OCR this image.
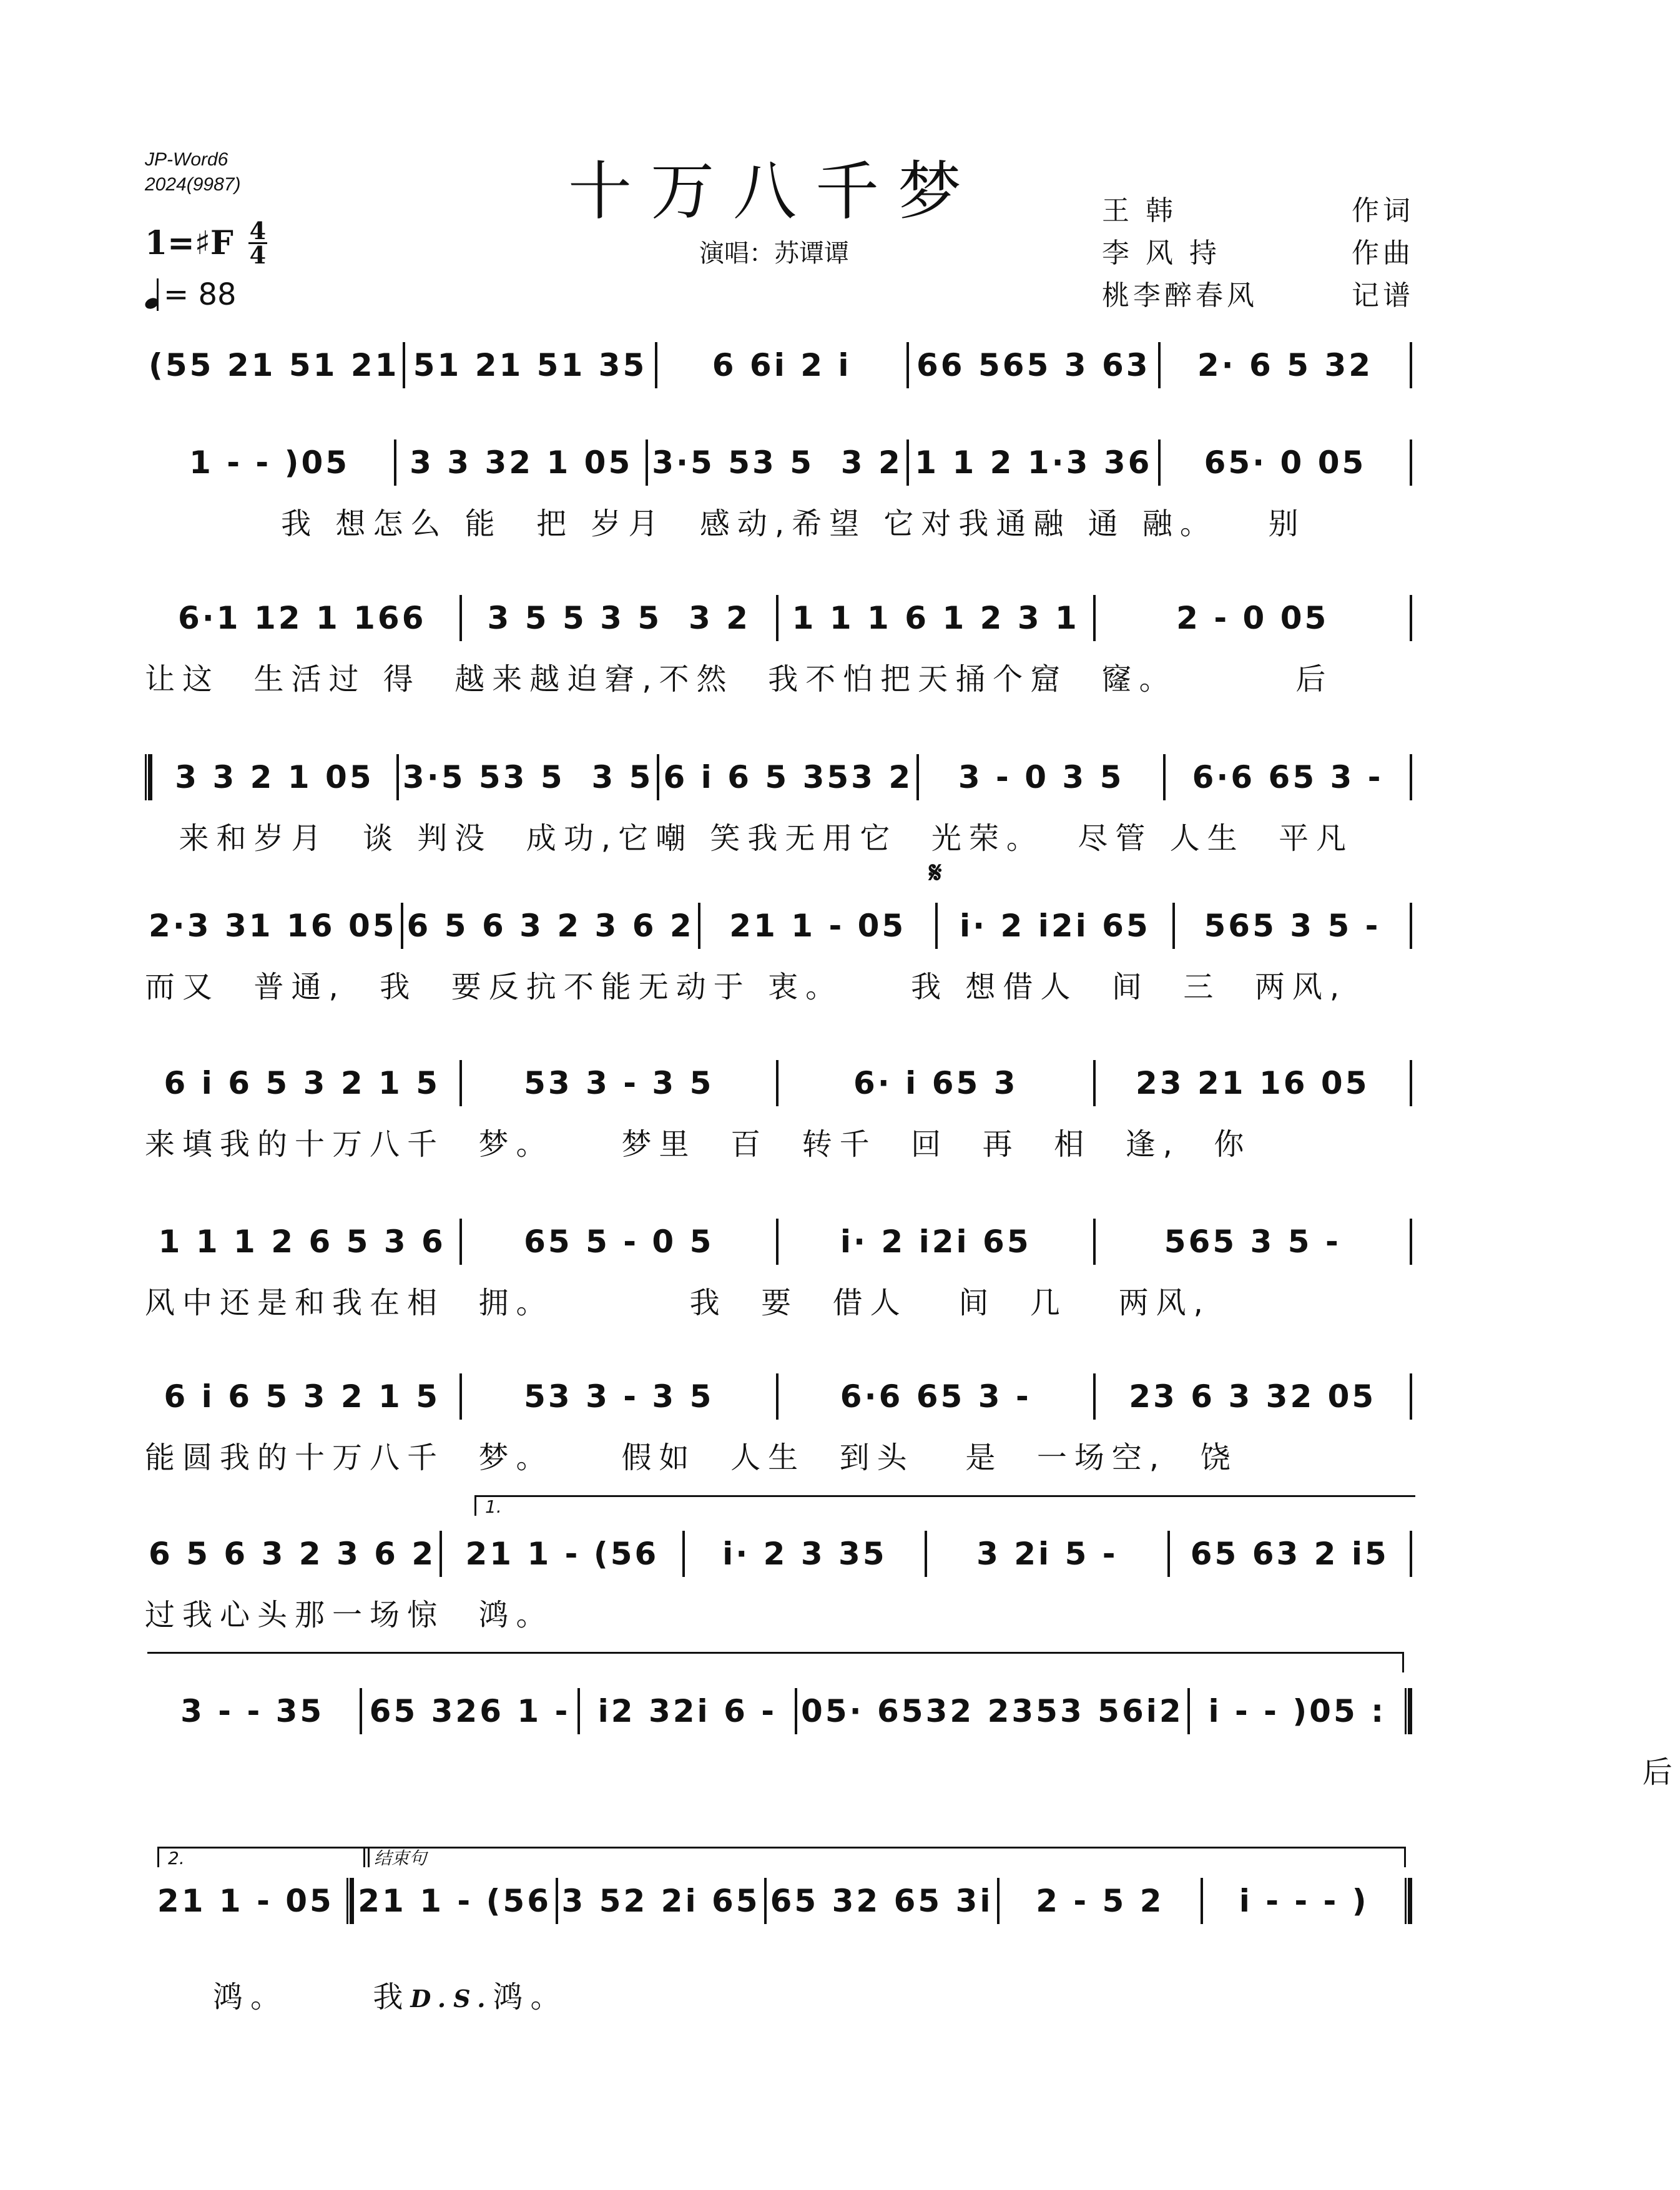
JP-Word6
2024(9987)	十万八千梦
演唱：苏谭谭
王 韩	作词
李 风 持	作曲
桃李醉春风	记谱
1=♯F 4
4
= 88
(55 21 51 21 51 21 51 35	6 6i 2 i	66 565 3 63	2· 6 5 32
1 - - )05	3 3 32 1 05 3·5 53 5  3 2 1 1 2 1·3 36	65· 0 05
我 想怎么 能  把 岁月  感动,希望 它对我通融 通 融。   别
6·1 12 1 166	3 5 5 3 5  3 2	1 1 1 6 1 2 3 1	2 - 0 05
让这  生活过 得  越来越迫窘,不然  我不怕把天捅个窟  窿。       后
3 3 2 1 05 3·5 53 5  3 5 6 i 6 5 353 2	3 - 0 3 5	6·6 65 3 -
来和岁月  谈 判没  成功,它嘲 笑我无用它  光荣。  尽管 人生  平凡
𝄋
2·3 31 16 05 6 5 6 3 2 3 6 2	21 1 - 05	i· 2 i2i 65	565 3 5 -
而又  普通,  我  要反抗不能无动于 衷。    我 想借人  间  三  两风,
6 i 6 5 3 2 1 5	53 3 - 3 5	6· i 65 3	23 21 16 05
来填我的十万八千  梦。    梦里  百  转千  回  再  相  逢,  你
1 1 1 2 6 5 3 6	65 5 - 0 5	i· 2 i2i 65	565 3 5 -
风中还是和我在相  拥。        我  要  借人   间  几   两风,
6 i 6 5 3 2 1 5	53 3 - 3 5	6·6 65 3 -	23 6 3 32 05
能圆我的十万八千  梦。    假如  人生  到头   是  一场空,  饶
1.
6 5 6 3 2 3 6 2 21 1 - (56	i· 2 3 35	3 2i 5 -	65 63 2 i5
过我心头那一场惊  鸿。
3 - - 35	65 326 1 - i2 32i 6 - 05· 6532 2353 56i2 i - - )05 :
后
2.	结束句
21 1 - 05 21 1 - (56 3 52 2i 65 65 32 65 3i	2 - 5 2	i - - - )

鸿。     我D.S.鸿。
